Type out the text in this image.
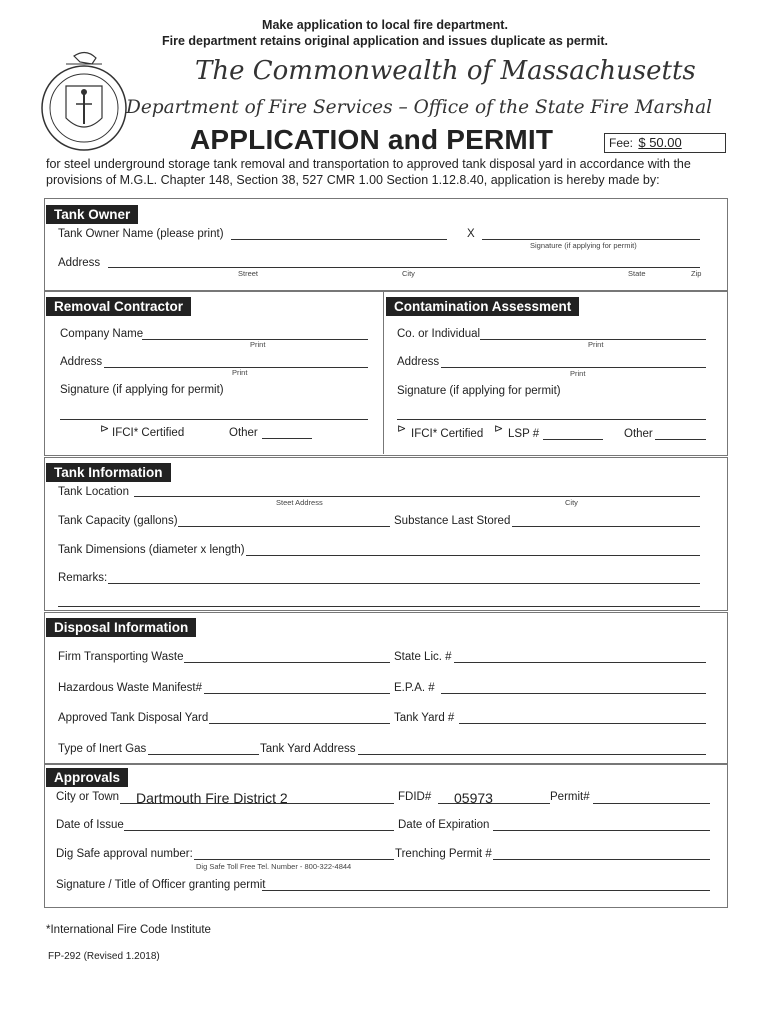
Make application to local fire department.
Fire department retains original application and issues duplicate as permit.
The Commonwealth of Massachusetts
Department of Fire Services – Office of the State Fire Marshal
APPLICATION and PERMIT	Fee: $ 50.00
for steel underground storage tank removal and transportation to approved tank disposal yard in accordance with the
provisions of M.G.L. Chapter 148, Section 38, 527 CMR 1.00 Section 1.12.8.40, application is hereby made by:
Tank Owner
Tank Owner Name (please print)	X
Signature (if applying for permit)
Address
Street	City	State	Zip
Removal Contractor
Company Name
Print
Address
Print
Signature (if applying for permit)
⊳ IFCI* Certified	Other
Contamination Assessment
Co. or Individual
Print
Address
Print
Signature (if applying for permit)
⊳ IFCI* Certified ⊳ LSP #	Other
Tank Information
Tank Location
Steet Address	City
Tank Capacity (gallons)	Substance Last Stored
Tank Dimensions (diameter x length)
Remarks:
Disposal Information
Firm Transporting Waste	State Lic. #
Hazardous Waste Manifest#	E.P.A. #
Approved Tank Disposal Yard	Tank Yard #
Type of Inert Gas	Tank Yard Address
Approvals
City or Town Dartmouth Fire District 2	FDID# 05973	Permit#
Date of Issue	Date of Expiration
Dig Safe approval number:
Dig Safe Toll Free Tel. Number - 800-322-4844
Trenching Permit #
Signature / Title of Officer granting permit
*International Fire Code Institute
FP-292 (Revised 1.2018)
